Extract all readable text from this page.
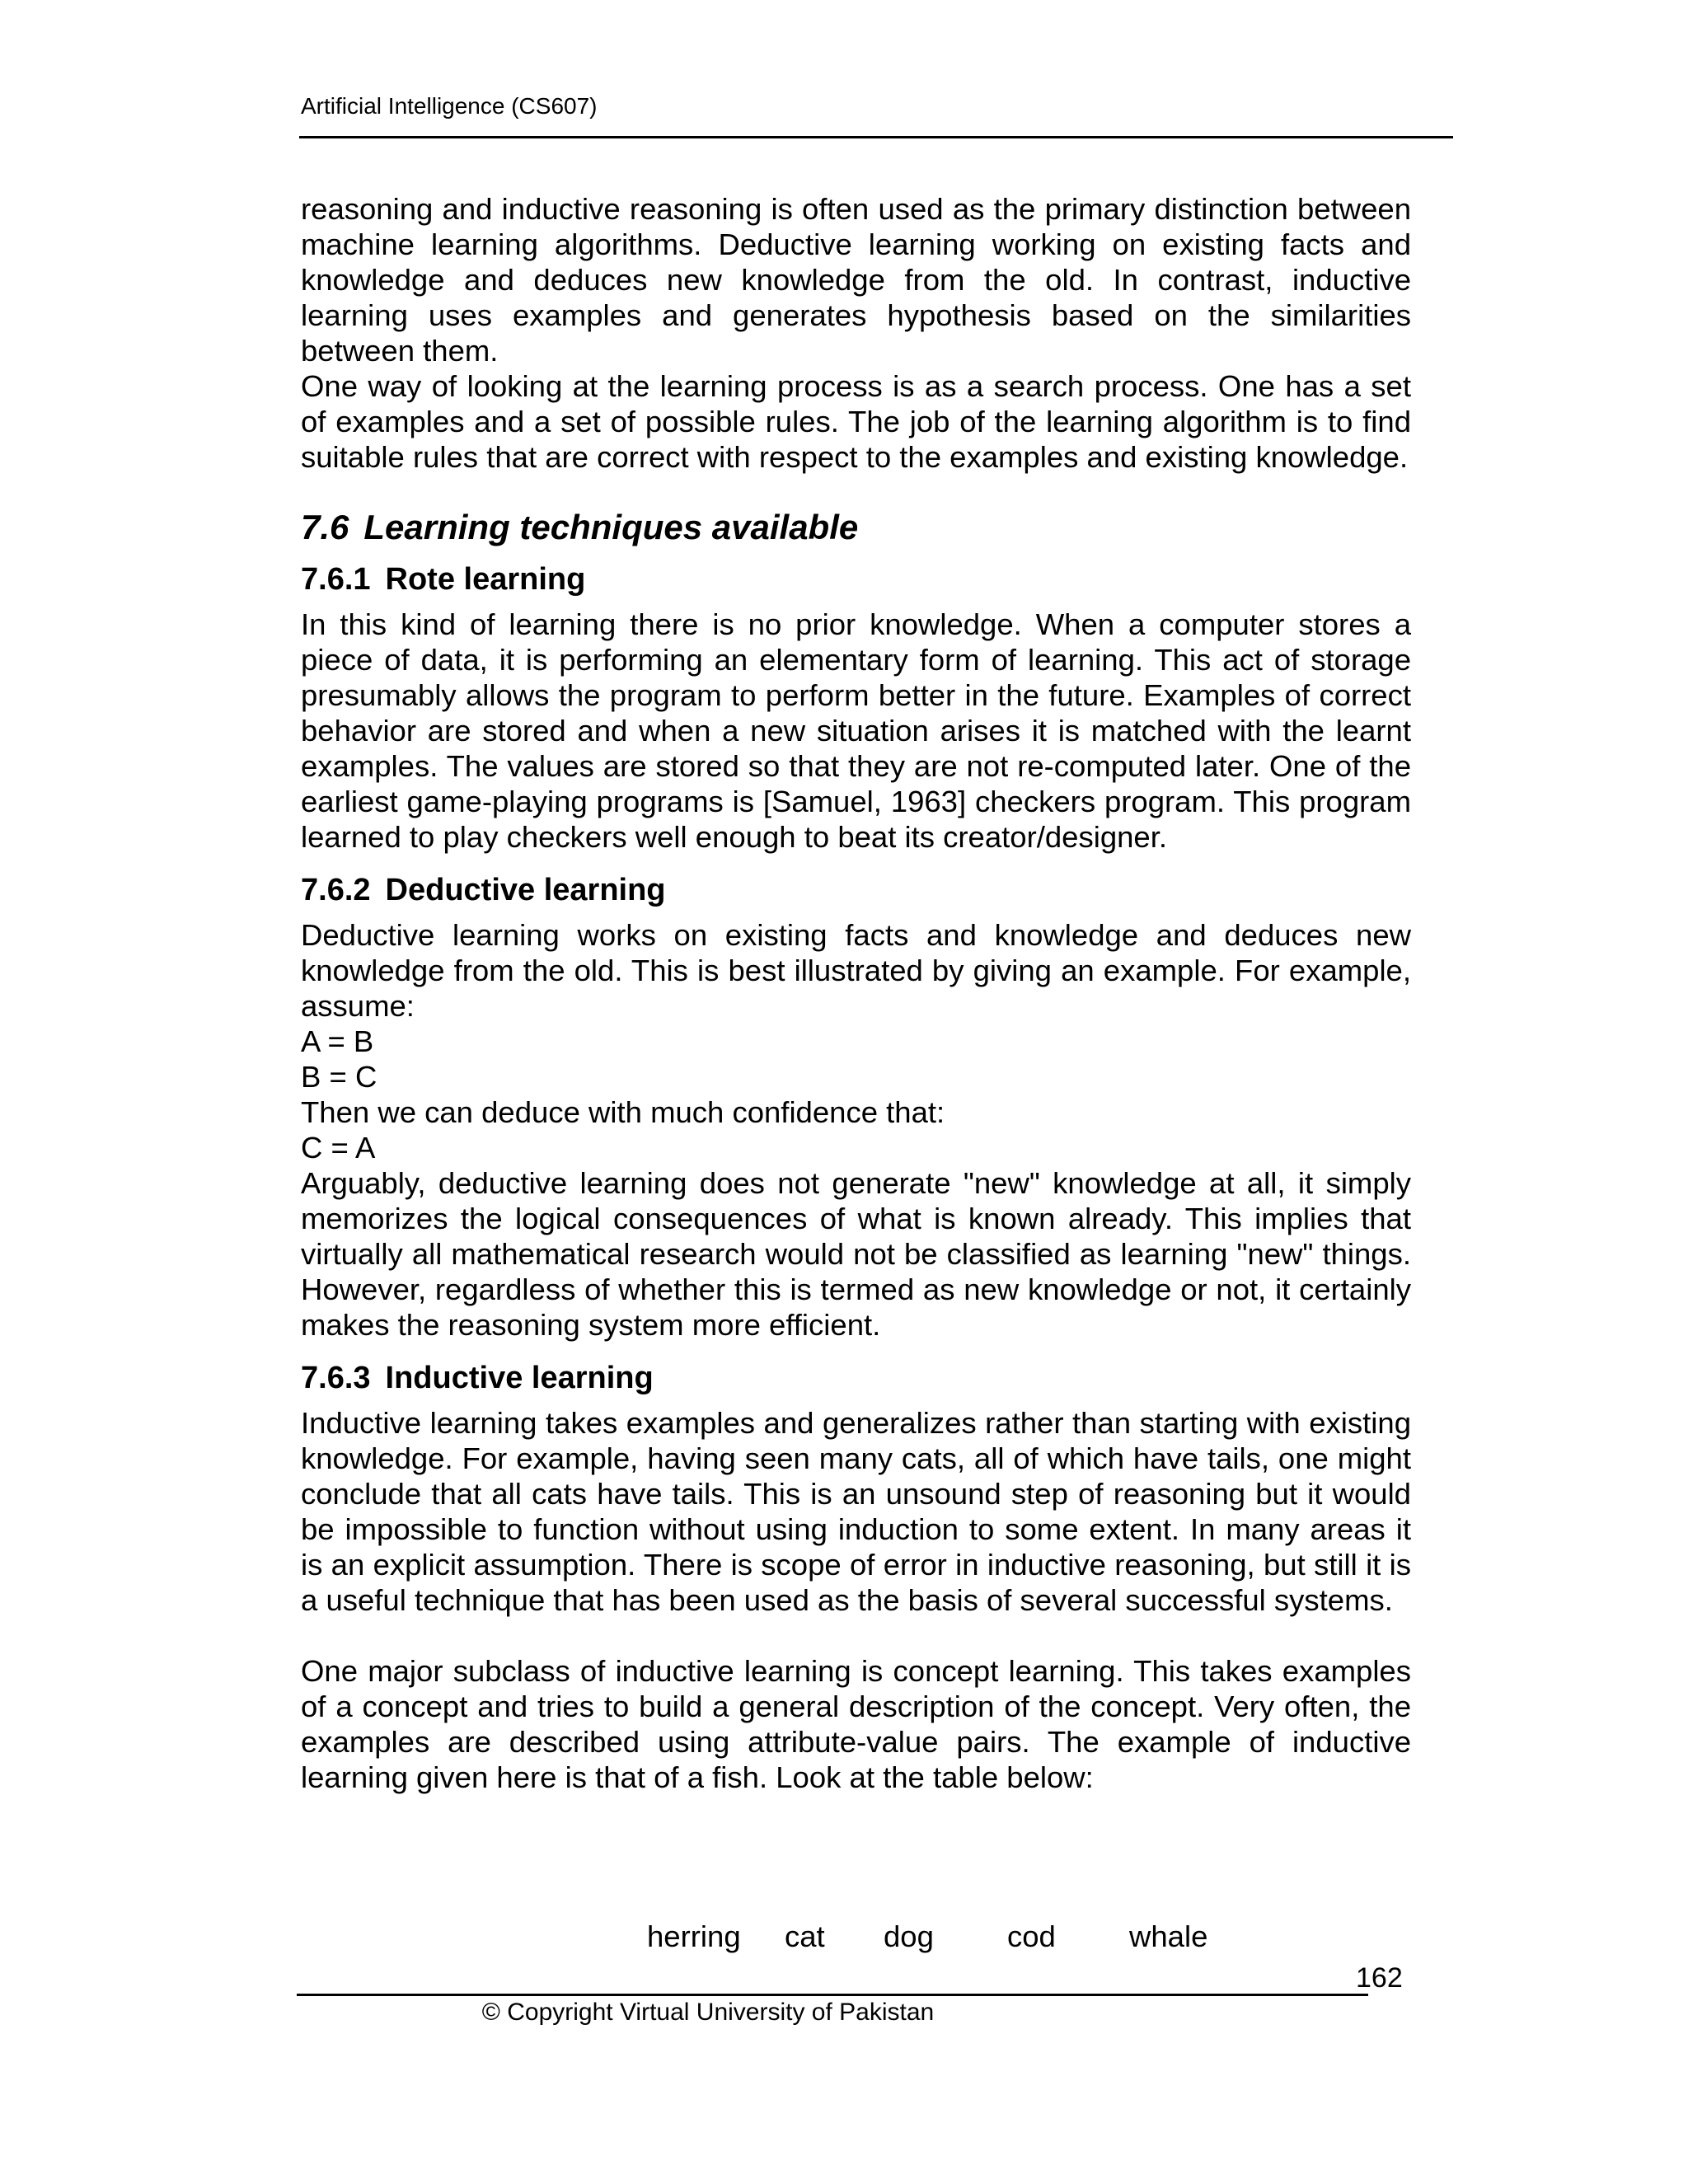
Artificial Intelligence (CS607)

reasoning and inductive reasoning is often used as the primary distinction between machine learning algorithms. Deductive learning working on existing facts and knowledge and deduces new knowledge from the old. In contrast, inductive learning uses examples and generates hypothesis based on the similarities between them.

One way of looking at the learning process is as a search process. One has a set of examples and a set of possible rules. The job of the learning algorithm is to find suitable rules that are correct with respect to the examples and existing knowledge.

7.6 Learning techniques available
7.6.1 Rote learning

In this kind of learning there is no prior knowledge. When a computer stores a piece of data, it is performing an elementary form of learning. This act of storage presumably allows the program to perform better in the future. Examples of correct behavior are stored and when a new situation arises it is matched with the learnt examples. The values are stored so that they are not re-computed later. One of the earliest game-playing programs is [Samuel, 1963] checkers program. This program learned to play checkers well enough to beat its creator/designer.

7.6.2 Deductive learning

Deductive learning works on existing facts and knowledge and deduces new knowledge from the old. This is best illustrated by giving an example. For example, assume:

A = B

B = C

Then we can deduce with much confidence that:

C = A

Arguably, deductive learning does not generate "new" knowledge at all, it simply memorizes the logical consequences of what is known already. This implies that virtually all mathematical research would not be classified as learning "new" things. However, regardless of whether this is termed as new knowledge or not, it certainly makes the reasoning system more efficient.

7.6.3 Inductive learning

Inductive learning takes examples and generalizes rather than starting with existing knowledge. For example, having seen many cats, all of which have tails, one might conclude that all cats have tails. This is an unsound step of reasoning but it would be impossible to function without using induction to some extent. In many areas it is an explicit assumption. There is scope of error in inductive reasoning, but still it is a useful technique that has been used as the basis of several successful systems.

One major subclass of inductive learning is concept learning. This takes examples of a concept and tries to build a general description of the concept. Very often, the examples are described using attribute-value pairs. The example of inductive learning given here is that of a fish. Look at the table below:

herring cat dog cod whale
162
© Copyright Virtual University of Pakistan
